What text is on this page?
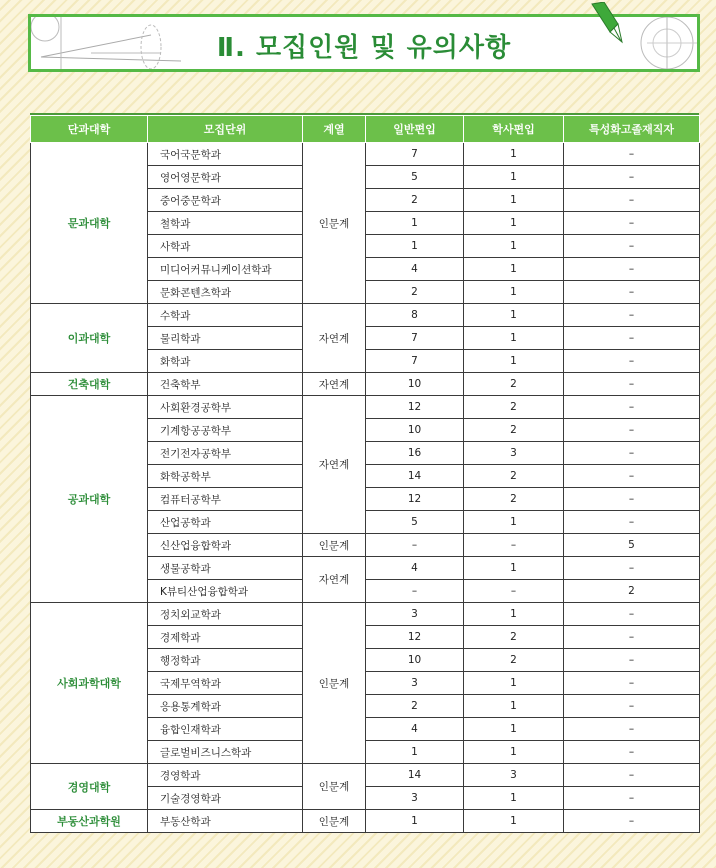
Ⅱ. 모집인원 및 유의사항
단과대학	모집단위	계열	일반편입	학사편입	특성화고졸재직자
문과대학	국어국문학과	인문계	7	1	–
	영어영문학과		5	1	–
	중어중문학과		2	1	–
	철학과		1	1	–
	사학과		1	1	–
	미디어커뮤니케이션학과		4	1	–
	문화콘텐츠학과		2	1	–
이과대학	수학과	자연계	8	1	–
	물리학과		7	1	–
	화학과		7	1	–
건축대학	건축학부	자연계	10	2	–
공과대학	사회환경공학부	자연계	12	2	–
	기계항공공학부		10	2	–
	전기전자공학부		16	3	–
	화학공학부		14	2	–
	컴퓨터공학부		12	2	–
	산업공학과		5	1	–
	신산업융합학과	인문계	–	–	5
	생물공학과	자연계	4	1	–
	K뷰티산업융합학과		–	–	2
사회과학대학	정치외교학과	인문계	3	1	–
	경제학과		12	2	–
	행정학과		10	2	–
	국제무역학과		3	1	–
	응용통계학과		2	1	–
	융합인재학과		4	1	–
	글로벌비즈니스학과		1	1	–
경영대학	경영학과	인문계	14	3	–
	기술경영학과		3	1	–
부동산과학원	부동산학과	인문계	1	1	–
